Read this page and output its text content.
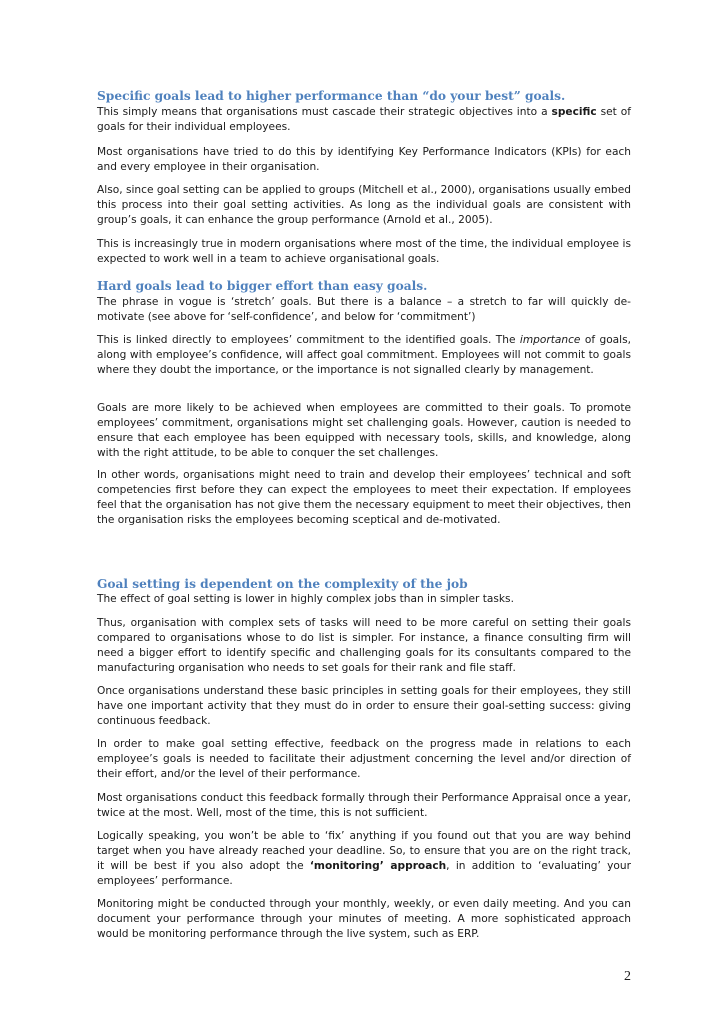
Specific goals lead to higher performance than “do your best” goals.

This simply means that organisations must cascade their strategic objectives into a specific set of goals for their individual employees.

Most organisations have tried to do this by identifying Key Performance Indicators (KPIs) for each and every employee in their organisation.

Also, since goal setting can be applied to groups (Mitchell et al., 2000), organisations usually embed this process into their goal setting activities. As long as the individual goals are consistent with group’s goals, it can enhance the group performance (Arnold et al., 2005).

This is increasingly true in modern organisations where most of the time, the individual employee is expected to work well in a team to achieve organisational goals.

Hard goals lead to bigger effort than easy goals.

The phrase in vogue is ‘stretch’ goals. But there is a balance – a stretch to far will quickly de-motivate (see above for ‘self-confidence’, and below for ‘commitment’)

This is linked directly to employees’ commitment to the identified goals. The importance of goals, along with employee’s confidence, will affect goal commitment. Employees will not commit to goals where they doubt the importance, or the importance is not signalled clearly by management.

Goals are more likely to be achieved when employees are committed to their goals. To promote employees’ commitment, organisations might set challenging goals. However, caution is needed to ensure that each employee has been equipped with necessary tools, skills, and knowledge, along with the right attitude, to be able to conquer the set challenges.

In other words, organisations might need to train and develop their employees’ technical and soft competencies first before they can expect the employees to meet their expectation. If employees feel that the organisation has not give them the necessary equipment to meet their objectives, then the organisation risks the employees becoming sceptical and de-motivated.

Goal setting is dependent on the complexity of the job

The effect of goal setting is lower in highly complex jobs than in simpler tasks.

Thus, organisation with complex sets of tasks will need to be more careful on setting their goals compared to organisations whose to do list is simpler. For instance, a finance consulting firm will need a bigger effort to identify specific and challenging goals for its consultants compared to the manufacturing organisation who needs to set goals for their rank and file staff.

Once organisations understand these basic principles in setting goals for their employees, they still have one important activity that they must do in order to ensure their goal-setting success: giving continuous feedback.

In order to make goal setting effective, feedback on the progress made in relations to each employee’s goals is needed to facilitate their adjustment concerning the level and/or direction of their effort, and/or the level of their performance.

Most organisations conduct this feedback formally through their Performance Appraisal once a year, twice at the most. Well, most of the time, this is not sufficient.

Logically speaking, you won’t be able to ‘fix’ anything if you found out that you are way behind target when you have already reached your deadline. So, to ensure that you are on the right track, it will be best if you also adopt the ‘monitoring’ approach, in addition to ‘evaluating’ your employees’ performance.

Monitoring might be conducted through your monthly, weekly, or even daily meeting. And you can document your performance through your minutes of meeting. A more sophisticated approach would be monitoring performance through the live system, such as ERP.

2
